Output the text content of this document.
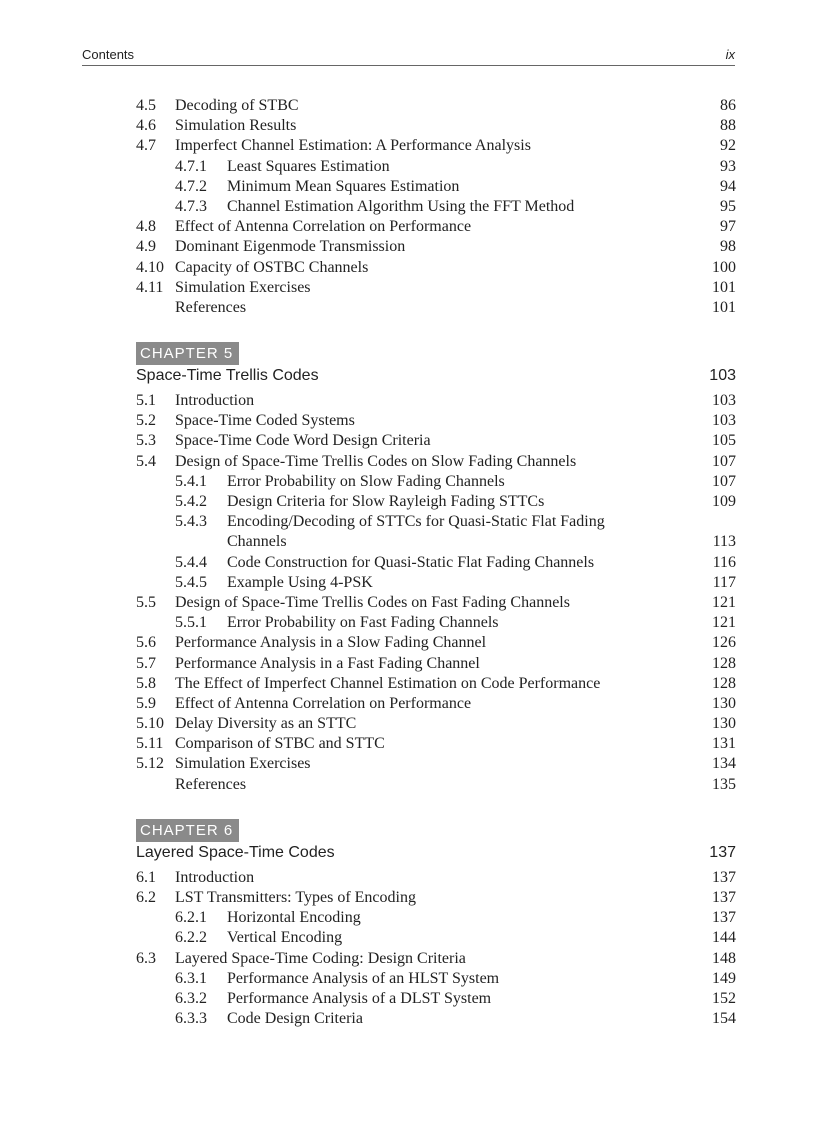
Contents	ix
4.5 Decoding of STBC	86
4.6 Simulation Results	88
4.7 Imperfect Channel Estimation: A Performance Analysis	92
4.7.1 Least Squares Estimation	93
4.7.2 Minimum Mean Squares Estimation	94
4.7.3 Channel Estimation Algorithm Using the FFT Method	95
4.8 Effect of Antenna Correlation on Performance	97
4.9 Dominant Eigenmode Transmission	98
4.10 Capacity of OSTBC Channels	100
4.11 Simulation Exercises	101
References	101
CHAPTER 5
Space-Time Trellis Codes	103
5.1 Introduction	103
5.2 Space-Time Coded Systems	103
5.3 Space-Time Code Word Design Criteria	105
5.4 Design of Space-Time Trellis Codes on Slow Fading Channels	107
5.4.1 Error Probability on Slow Fading Channels	107
5.4.2 Design Criteria for Slow Rayleigh Fading STTCs	109
5.4.3 Encoding/Decoding of STTCs for Quasi-Static Flat Fading
Channels	113
5.4.4 Code Construction for Quasi-Static Flat Fading Channels	116
5.4.5 Example Using 4-PSK	117
5.5 Design of Space-Time Trellis Codes on Fast Fading Channels	121
5.5.1 Error Probability on Fast Fading Channels	121
5.6 Performance Analysis in a Slow Fading Channel	126
5.7 Performance Analysis in a Fast Fading Channel	128
5.8 The Effect of Imperfect Channel Estimation on Code Performance	128
5.9 Effect of Antenna Correlation on Performance	130
5.10 Delay Diversity as an STTC	130
5.11 Comparison of STBC and STTC	131
5.12 Simulation Exercises	134
References	135
CHAPTER 6
Layered Space-Time Codes	137
6.1 Introduction	137
6.2 LST Transmitters: Types of Encoding	137
6.2.1 Horizontal Encoding	137
6.2.2 Vertical Encoding	144
6.3 Layered Space-Time Coding: Design Criteria	148
6.3.1 Performance Analysis of an HLST System	149
6.3.2 Performance Analysis of a DLST System	152
6.3.3 Code Design Criteria	154
